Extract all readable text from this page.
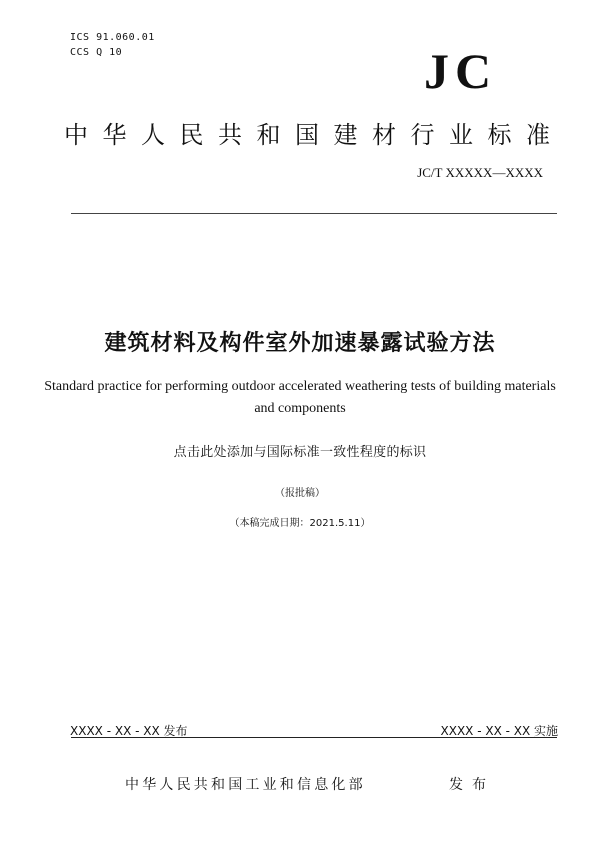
ICS 91.060.01
CCS Q 10	JC
中华人民共和国建材行业标准
JC/T XXXXX—XXXX
建筑材料及构件室外加速暴露试验方法
Standard practice for performing outdoor accelerated weathering tests of building materials and components
点击此处添加与国际标准一致性程度的标识
（报批稿）
（本稿完成日期：2021.5.11）
XXXX - XX - XX 发布	XXXX - XX - XX 实施
中华人民共和国工业和信息化部	发布
